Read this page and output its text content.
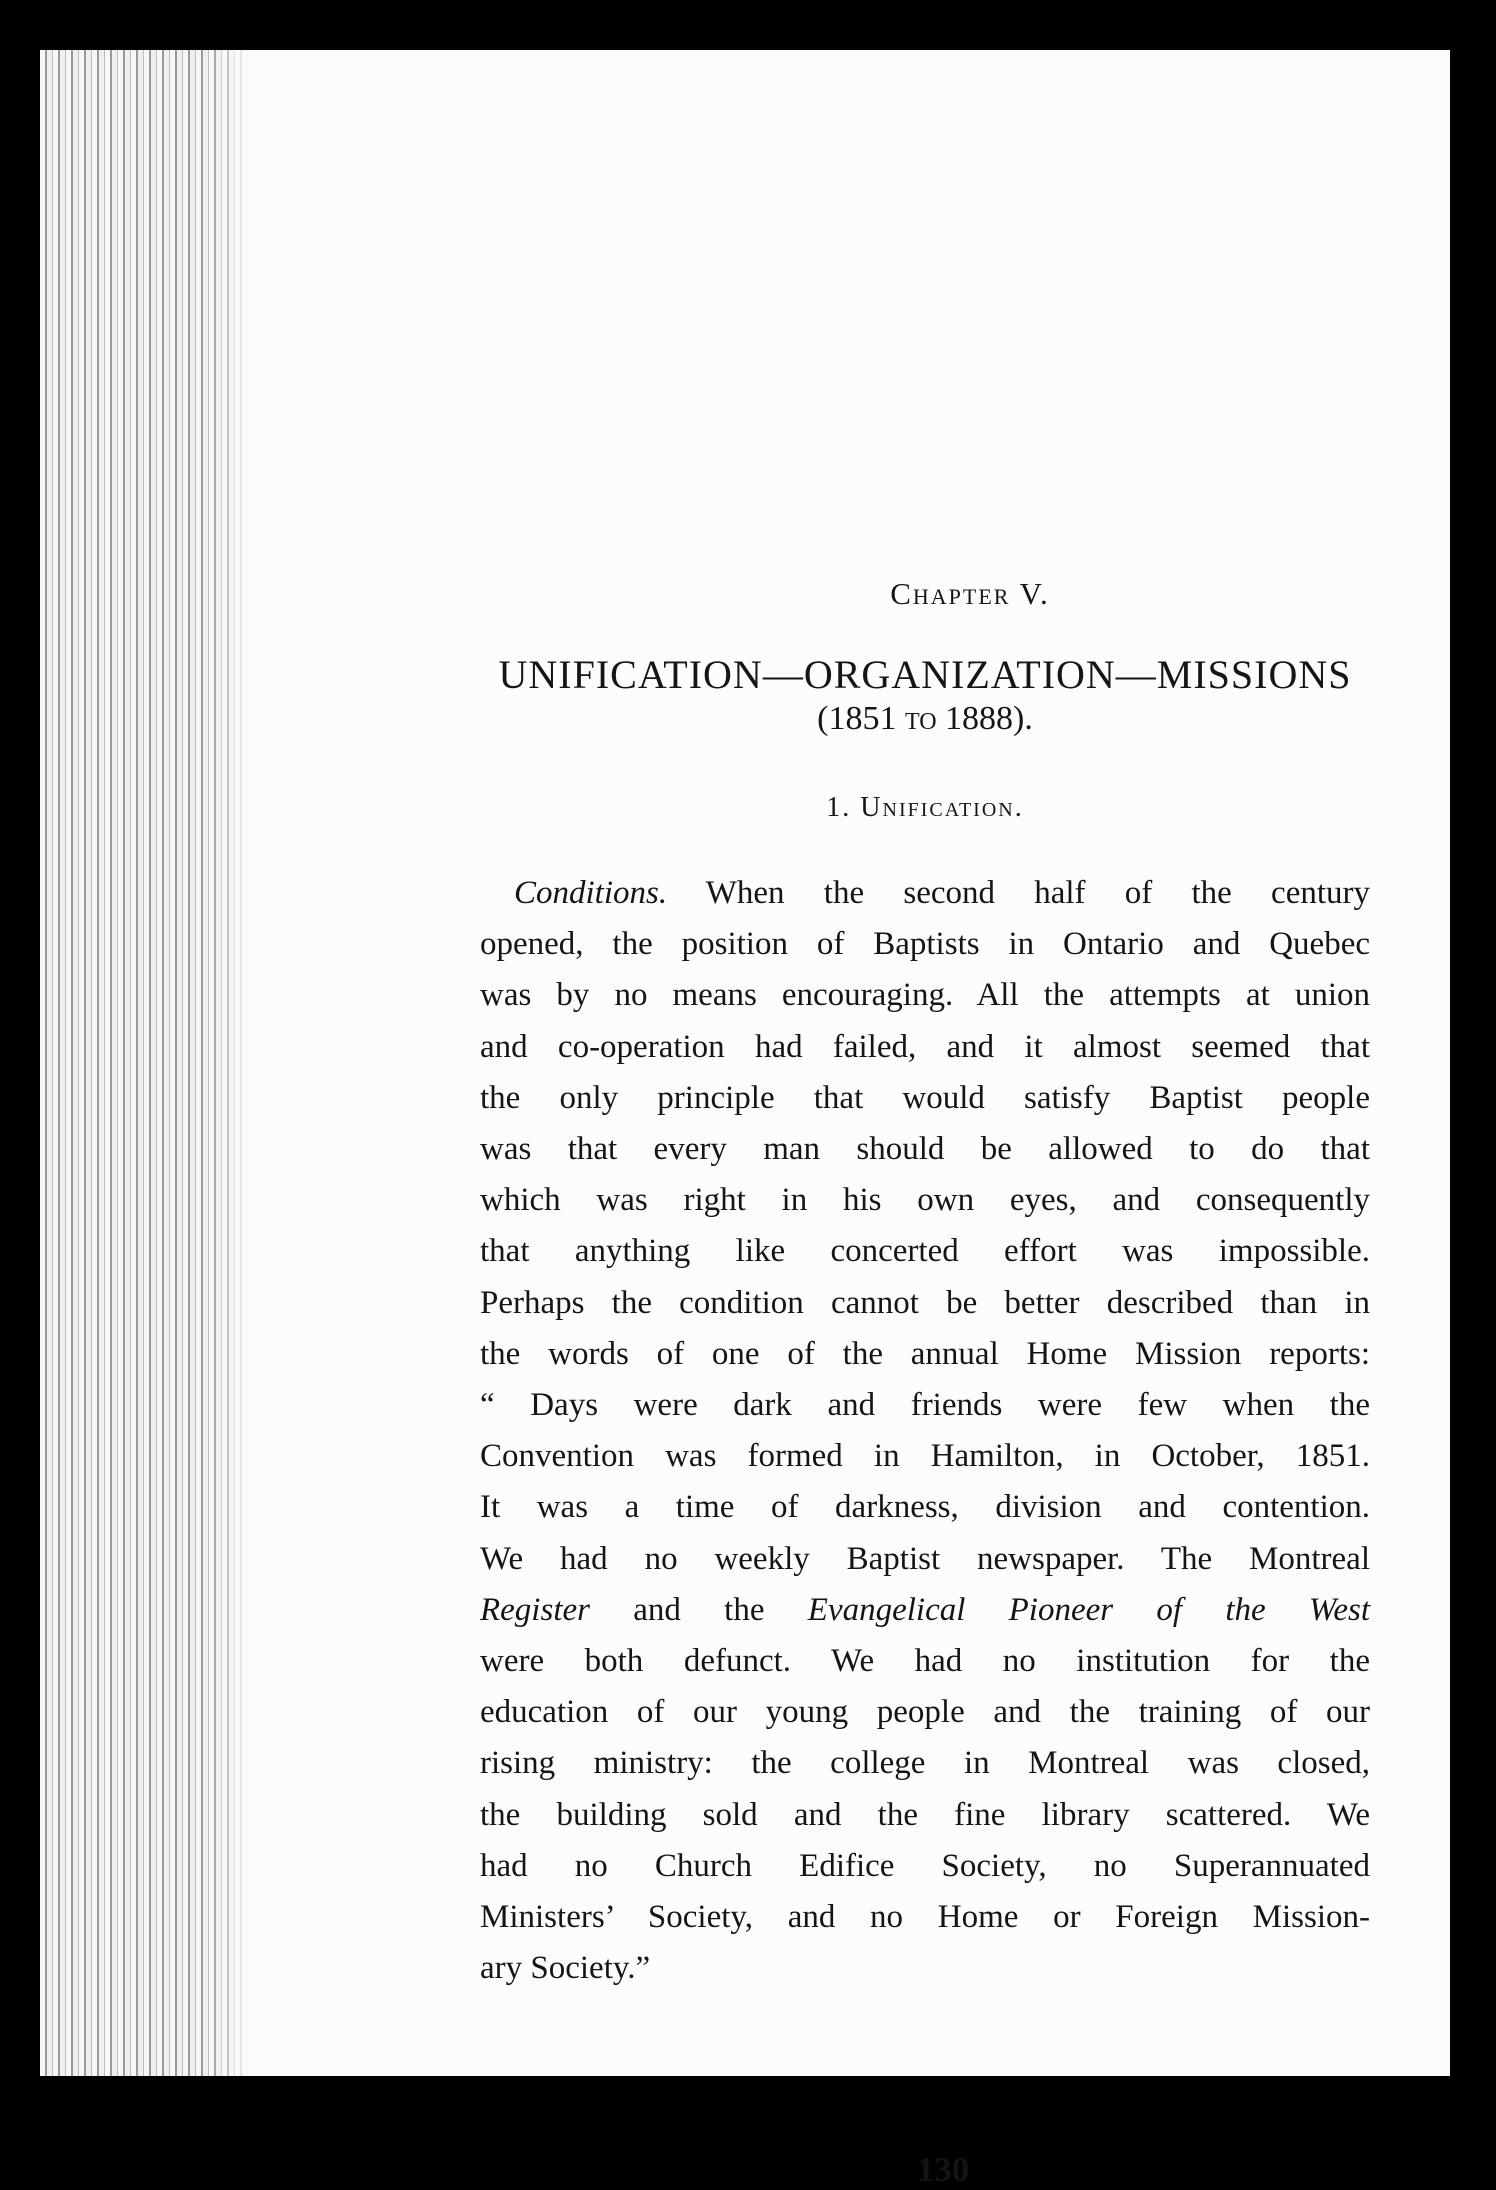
Chapter V.
UNIFICATION—ORGANIZATION—MISSIONS
(1851 to 1888).
1. Unification.
Conditions. When the second half of the century
opened, the position of Baptists in Ontario and Quebec
was by no means encouraging. All the attempts at union
and co-operation had failed, and it almost seemed that
the only principle that would satisfy Baptist people
was that every man should be allowed to do that
which was right in his own eyes, and consequently
that anything like concerted effort was impossible.
Perhaps the condition cannot be better described than in
the words of one of the annual Home Mission reports:
“ Days were dark and friends were few when the
Convention was formed in Hamilton, in October, 1851.
It was a time of darkness, division and contention.
We had no weekly Baptist newspaper. The Montreal
Register and the Evangelical Pioneer of the West
were both defunct. We had no institution for the
education of our young people and the training of our
rising ministry: the college in Montreal was closed,
the building sold and the fine library scattered. We
had no Church Edifice Society, no Superannuated
Ministers’ Society, and no Home or Foreign Mission-
ary Society.”
130
